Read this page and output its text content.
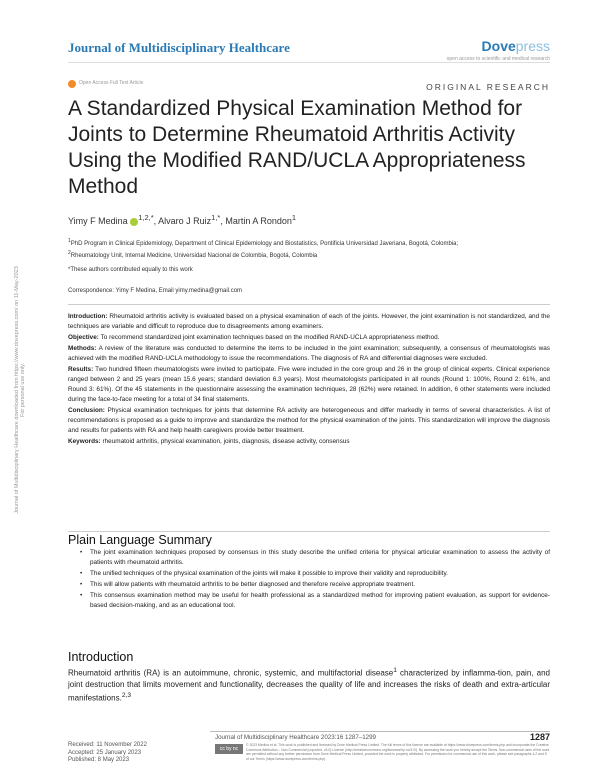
Journal of Multidisciplinary Healthcare	Dovepress
open access to scientific and medical research
Open Access Full Text Article	ORIGINAL RESEARCH
A Standardized Physical Examination Method for Joints to Determine Rheumatoid Arthritis Activity Using the Modified RAND/UCLA Appropriateness Method
Yimy F Medina $^{1,2,*}$, Alvaro J Ruiz$^{1,*}$, Martin A Rondon$^1$
$^1$PhD Program in Clinical Epidemiology, Department of Clinical Epidemiology and Biostatistics, Pontificia Universidad Javeriana, Bogotá, Colombia;
$^2$Rheumatology Unit, Internal Medicine, Universidad Nacional de Colombia, Bogotá, Colombia
*These authors contributed equally to this work
Correspondence: Yimy F Medina, Email yimy.medina@gmail.com

Introduction: Rheumatoid arthritis activity is evaluated based on a physical examination of each of the joints. However, the joint examination is not standardized, and the techniques are variable and difficult to reproduce due to disagreements among examiners.

Objective: To recommend standardized joint examination techniques based on the modified RAND-UCLA appropriateness method.

Methods: A review of the literature was conducted to determine the items to be included in the joint examination; subsequently, a consensus of rheumatologists was achieved with the modified RAND-UCLA methodology to issue the recommendations. The diagnosis of RA and differential diagnoses were excluded.

Results: Two hundred fifteen rheumatologists were invited to participate. Five were included in the core group and 26 in the group of clinical experts. Clinical experience ranged between 2 and 25 years (mean 15.6 years; standard deviation 6.3 years). Most rheumatologists participated in all rounds (Round 1: 100%, Round 2: 61%, and Round 3: 61%). Of the 45 statements in the questionnaire assessing the examination techniques, 28 (62%) were retained. In addition, 6 other statements were included during the face-to-face meeting for a total of 34 final statements.

Conclusion: Physical examination techniques for joints that determine RA activity are heterogeneous and differ markedly in terms of several characteristics. A list of recommendations is proposed as a guide to improve and standardize the method for the physical examination of the joints. This standardization will improve the diagnosis and results for patients with RA and help health caregivers provide better treatment.

Keywords: rheumatoid arthritis, physical examination, joints, diagnosis, disease activity, consensus

Plain Language Summary
• The joint examination techniques proposed by consensus in this study describe the unified criteria for physical articular examination to assess the activity of patients with rheumatoid arthritis.
• The unified techniques of the physical examination of the joints will make it possible to improve their validity and reproducibility.
• This will allow patients with rheumatoid arthritis to be better diagnosed and therefore receive appropriate treatment.
• This consensus examination method may be useful for health professional as a standardized method for improving patient evaluation, as support for evidence-based decision-making, and as an educational tool.
Introduction
Rheumatoid arthritis (RA) is an autoimmune, chronic, systemic, and multifactorial disease$^1$ characterized by inflamma-tion, pain, and joint destruction that limits movement and functionality, decreases the quality of life and increases the risks of death and extra-articular manifestations.$^{2,3}$
Journal of Multidisciplinary Healthcare downloaded from https://www.dovepress.com/ on 11-May-2023 For personal use only.
Received: 11 November 2022
Accepted: 25 January 2023
Published: 8 May 2023
Journal of Multidisciplinary Healthcare 2023:16 1287–1299	1287
cc by nc
© 2023 Medina et al. This work is published and licensed by Dove Medical Press Limited. The full terms of this license are available at https://www.dovepress.com/terms.php and incorporate the Creative Commons Attribution – Non Commercial (unported, v3.0) License (http://creativecommons.org/licenses/by-nc/3.0/). By accessing the work you hereby accept the Terms. Non-commercial uses of the work are permitted without any further permission from Dove Medical Press Limited, provided the work is properly attributed. For permission for commercial use of this work, please see paragraphs 4.2 and 5 of our Terms (https://www.dovepress.com/terms.php).
